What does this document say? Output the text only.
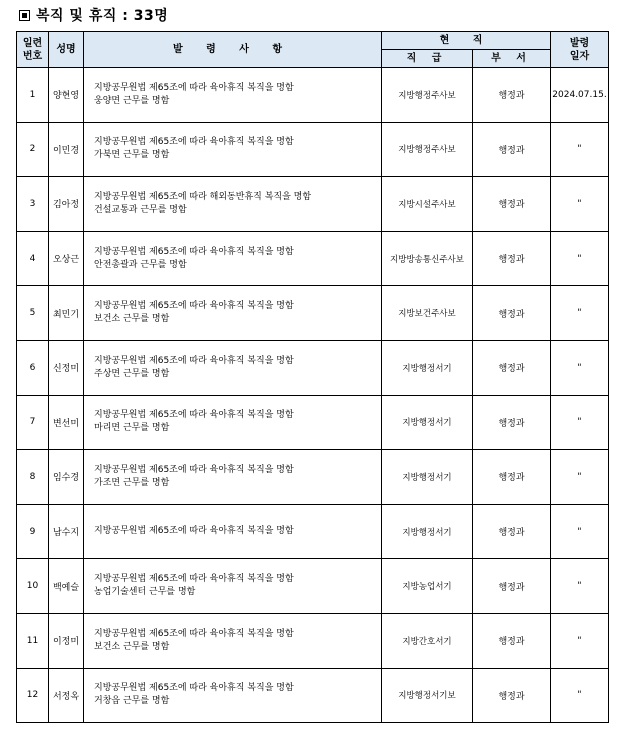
복직 및 휴직 : 33명
일련
번호	성명	발 령 사 항	현 직		발령
일자
			직 급	부 서	
1	양현영	지방공무원법 제65조에 따라 육아휴직 복직을 명함
웅양면 근무를 명함	지방행정주사보	행정과	2024.07.15.
2	이민경	지방공무원법 제65조에 따라 육아휴직 복직을 명함
가북면 근무를 명함	지방행정주사보	행정과	"
3	김아정	지방공무원법 제65조에 따라 해외동반휴직 복직을 명함
건설교통과 근무를 명함	지방시설주사보	행정과	"
4	오상근	지방공무원법 제65조에 따라 육아휴직 복직을 명함
안전총괄과 근무를 명함	지방방송통신주사보	행정과	"
5	최민기	지방공무원법 제65조에 따라 육아휴직 복직을 명함
보건소 근무를 명함	지방보건주사보	행정과	"
6	신정미	지방공무원법 제65조에 따라 육아휴직 복직을 명함
주상면 근무를 명함	지방행정서기	행정과	"
7	변선미	지방공무원법 제65조에 따라 육아휴직 복직을 명함
마리면 근무를 명함	지방행정서기	행정과	"
8	임수경	지방공무원법 제65조에 따라 육아휴직 복직을 명함
가조면 근무를 명함	지방행정서기	행정과	"
9	남수지	지방공무원법 제65조에 따라 육아휴직 복직을 명함	지방행정서기	행정과	"
10	백예슬	지방공무원법 제65조에 따라 육아휴직 복직을 명함
농업기술센터 근무를 명함	지방농업서기	행정과	"
11	이정미	지방공무원법 제65조에 따라 육아휴직 복직을 명함
보건소 근무를 명함	지방간호서기	행정과	"
12	서정옥	지방공무원법 제65조에 따라 육아휴직 복직을 명함
거창읍 근무를 명함	지방행정서기보	행정과	"
